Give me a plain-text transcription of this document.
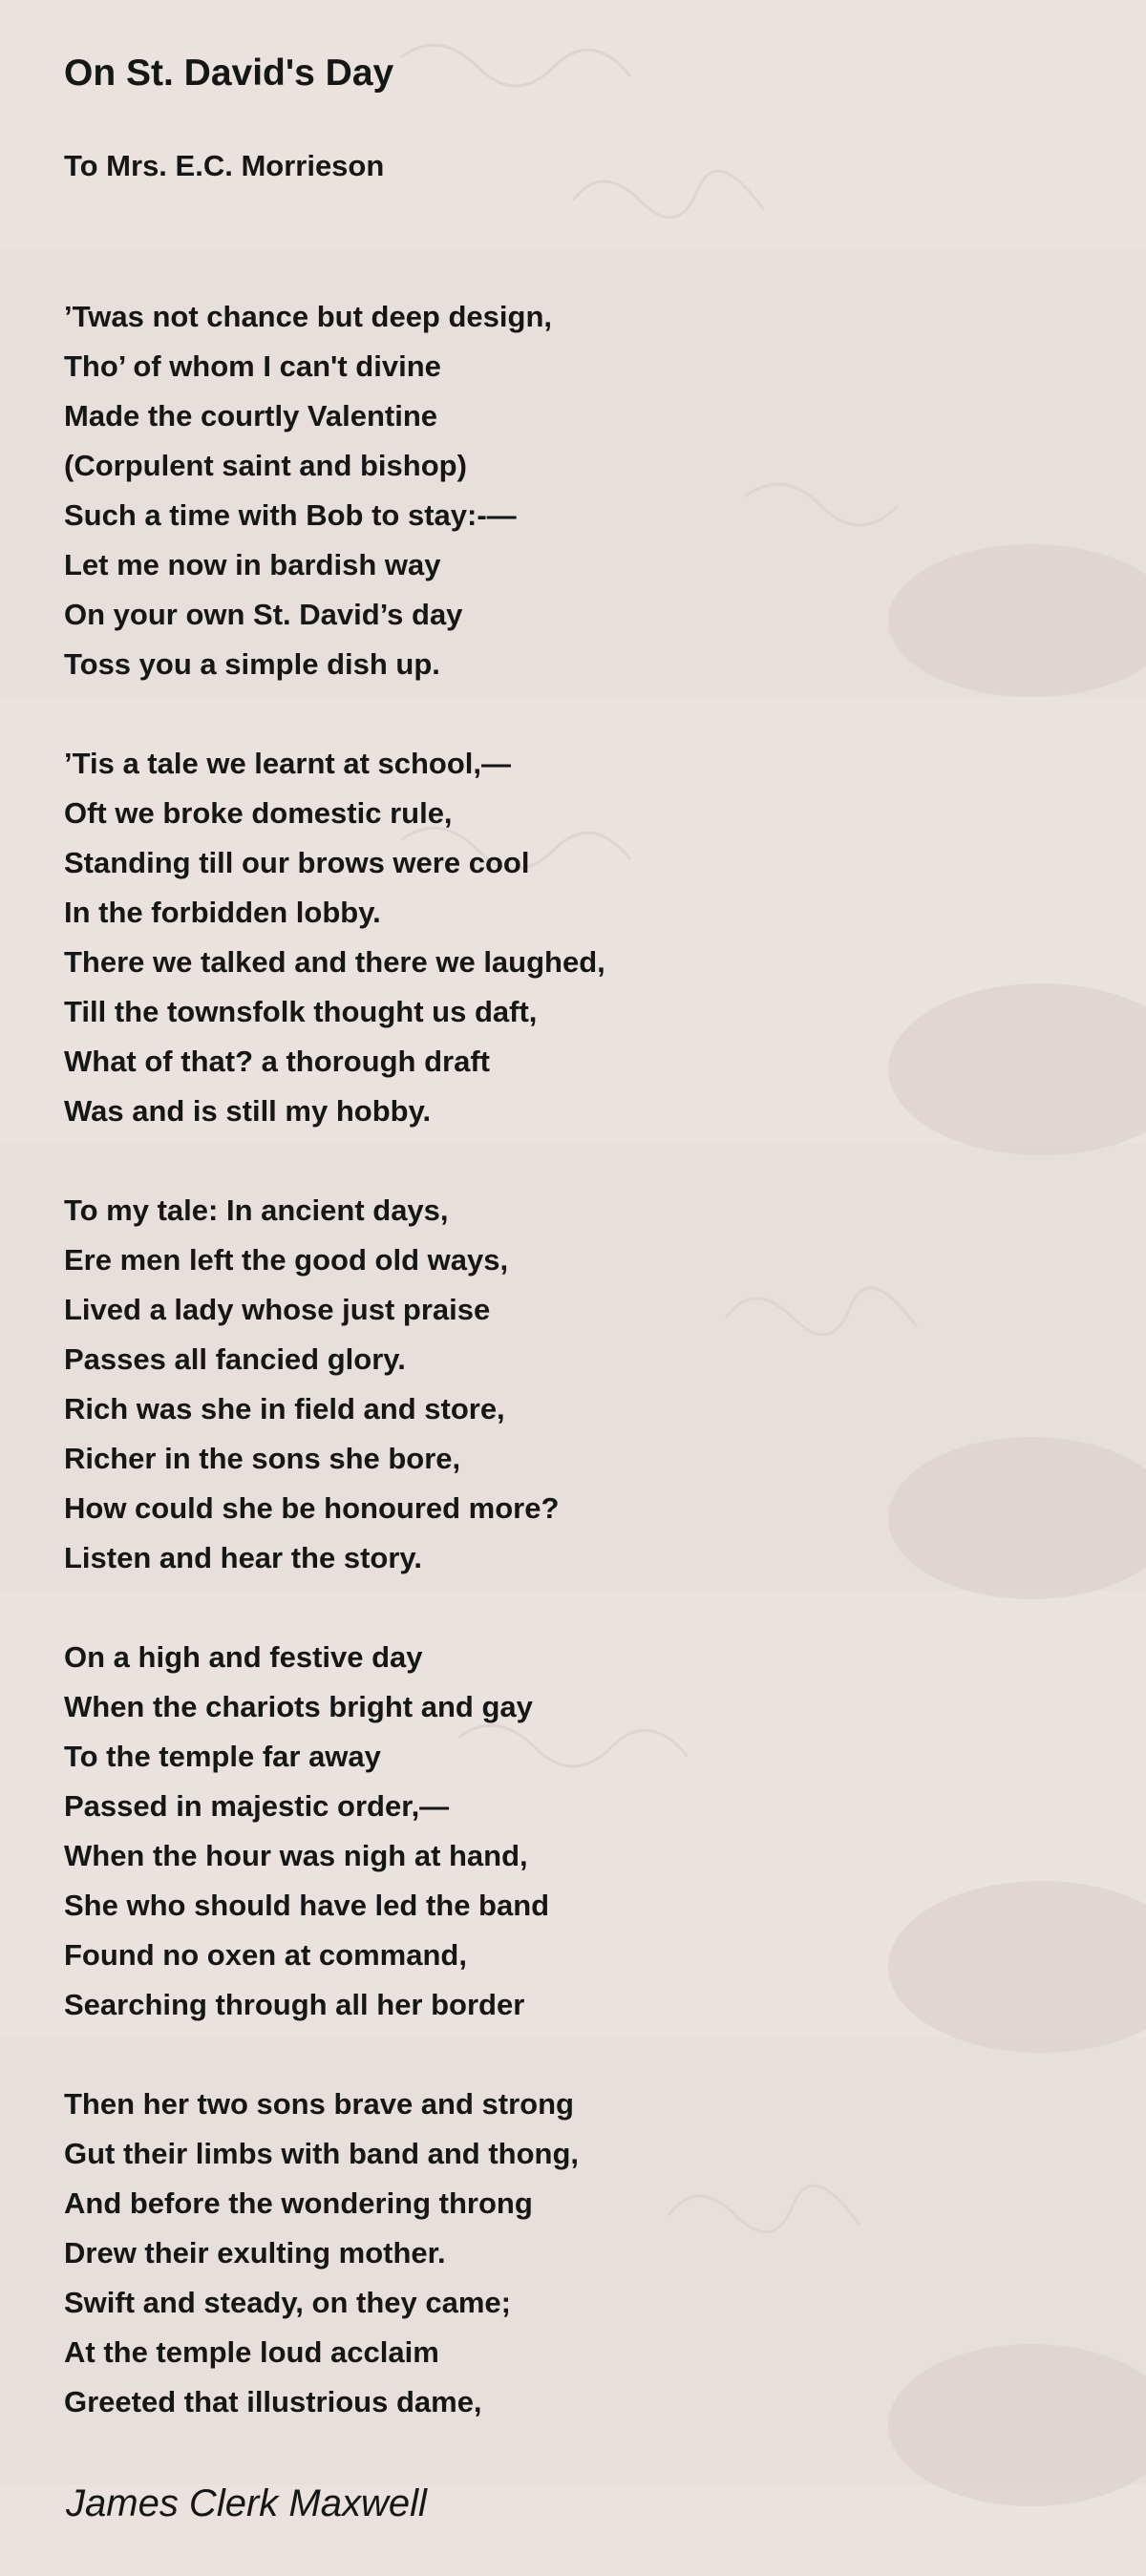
On St. David's Day
To Mrs. E.C. Morrieson
’Twas not chance but deep design,
Tho’ of whom I can't divine
Made the courtly Valentine
(Corpulent saint and bishop)
Such a time with Bob to stay:-—
Let me now in bardish way
On your own St. David’s day
Toss you a simple dish up.
’Tis a tale we learnt at school,—
Oft we broke domestic rule,
Standing till our brows were cool
In the forbidden lobby.
There we talked and there we laughed,
Till the townsfolk thought us daft,
What of that? a thorough draft
Was and is still my hobby.
To my tale: In ancient days,
Ere men left the good old ways,
Lived a lady whose just praise
Passes all fancied glory.
Rich was she in field and store,
Richer in the sons she bore,
How could she be honoured more?
Listen and hear the story.
On a high and festive day
When the chariots bright and gay
To the temple far away
Passed in majestic order,—
When the hour was nigh at hand,
She who should have led the band
Found no oxen at command,
Searching through all her border
Then her two sons brave and strong
Gut their limbs with band and thong,
And before the wondering throng
Drew their exulting mother.
Swift and steady, on they came;
At the temple loud acclaim
Greeted that illustrious dame,
James Clerk Maxwell
